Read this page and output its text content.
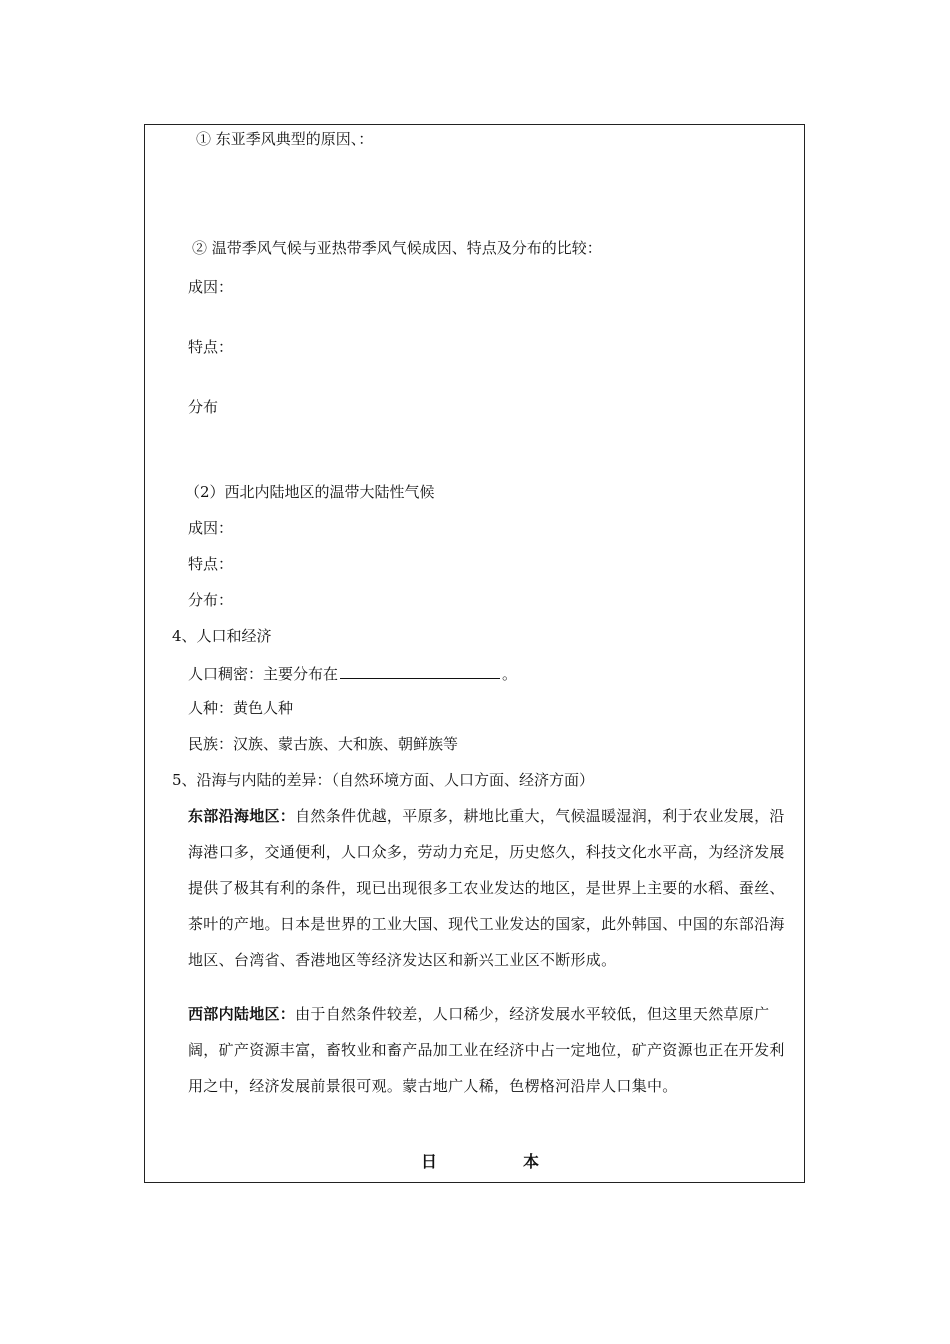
① 东亚季风典型的原因、：
② 温带季风气候与亚热带季风气候成因、特点及分布的比较：
成因：
特点：
分布
（2）西北内陆地区的温带大陆性气候
成因：
特点：
分布：
4、人口和经济
人口稠密：主要分布在	。
人种：黄色人种
民族：汉族、蒙古族、大和族、朝鲜族等
5、沿海与内陆的差异：（自然环境方面、人口方面、经济方面）
东部沿海地区：自然条件优越，平原多，耕地比重大，气候温暖湿润，利于农业发展，沿海港口多，交通便利，人口众多，劳动力充足，历史悠久，科技文化水平高，为经济发展提供了极其有利的条件，现已出现很多工农业发达的地区，是世界上主要的水稻、蚕丝、茶叶的产地。日本是世界的工业大国、现代工业发达的国家，此外韩国、中国的东部沿海地区、台湾省、香港地区等经济发达区和新兴工业区不断形成。
西部内陆地区：由于自然条件较差，人口稀少，经济发展水平较低，但这里天然草原广阔，矿产资源丰富，畜牧业和畜产品加工业在经济中占一定地位，矿产资源也正在开发利用之中，经济发展前景很可观。蒙古地广人稀，色楞格河沿岸人口集中。
日	本
